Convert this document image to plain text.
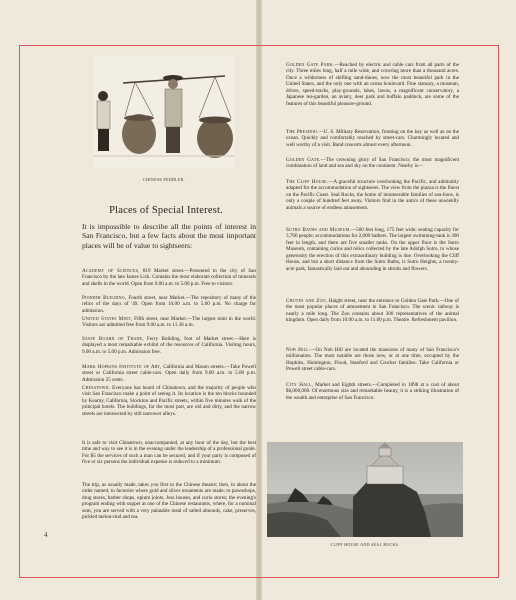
CHINESE PEDDLER.
Places of Special Interest.
It is impossible to describe all the points of interest in San Francisco, but a few facts about the most important places will be of value to sightseers:
Academy of Sciences, 819 Market street.—Presented to the city of San Francisco by the late James Lick. Contains the most elaborate collection of minerals and shells in the world. Open from 9.00 a.m. to 5.00 p.m. Free to visitors.
Pioneer Building, Fourth street, near Market.—The repository of many of the relics of the days of '49. Open from 10.00 a.m. to 5.00 p.m. No charge for admission.
United States Mint, Fifth street, near Market.—The largest mint in the world. Visitors are admitted free from 9.00 a.m. to 11.30 a.m.
State Board of Trade, Ferry Building, foot of Market street.—Here is displayed a most remarkable exhibit of the resources of California. Visiting hours, 9.00 a.m. to 5.00 p.m. Admission free.
Mark Hopkins Institute of Art, California and Mason streets.—Take Powell street or California street cable-cars. Open daily from 9.00 a.m. to 5.00 p.m. Admission 25 cents.
Chinatown. Everyone has heard of Chinatown, and the majority of people who visit San Francisco make a point of seeing it. Its location is the ten blocks bounded by Kearny, California, Stockton and Pacific streets, within five minutes walk of the principal hotels. The buildings, for the most part, are old and dirty, and the narrow streets are intersected by still narrower alleys.
It is safe to visit Chinatown, unaccompanied, at any hour of the day, but the best time and way to see it is in the evening under the leadership of a professional guide. For $5 the services of such a man can be secured, and if your party is composed of five or six persons the individual expense is reduced to a minimum.
The trip, as usually made, takes you first to the Chinese theatre; then, in about the order named, to factories where gold and silver ornaments are made; to pawnshops, drug stores, barber shops, opium joints, Joss houses, and curio stores; the evening's program ending with supper at one of the Chinese restaurants, where, for a nominal sum, you are served with a very palatable meal of salted almonds, cake, preserves, pickled melon-rind and tea.
4
Golden Gate Park.—Reached by electric and cable cars from all parts of the city. Three miles long, half a mile wide, and covering more than a thousand acres. Once a wilderness of shifting sand-dunes, now the most beautiful park in the United States, and the only one with an ocean boulevard. Fine statuary, a museum, drives, speed-tracks, play-grounds, lakes, lawns, a magnificent conservatory, a Japanese tea-garden, an aviary, deer park and buffalo paddock, are some of the features of this beautiful pleasure-ground.
The Presidio.—U. S. Military Reservation, fronting on the bay as well as on the ocean. Quickly and comfortably reached by street-cars. Charmingly located and well worthy of a visit. Band concerts almost every afternoon.
Golden Gate.—The crowning glory of San Francisco; the most magnificent combination of land and sea and sky on the continent. Nearby is—
The Cliff House.—A graceful structure overlooking the Pacific, and admirably adapted for the accommodation of sightseers. The view from the piazza is the finest on the Pacific Coast. Seal Rocks, the home of innumerable families of sea-lions, is only a couple of hundred feet away. Visitors find in the antics of these unwieldly animals a source of endless amusement.
Sutro Baths and Museum.—500 feet long, 175 feet wide; seating capacity for 3,700 people; accommodations for 2,000 bathers. The largest swimming-tank is 300 feet in length, and there are five smaller tanks. On the upper floor is the Sutro Museum, containing curios and relics collected by the late Adolph Sutro, to whose generosity the erection of this extraordinary building is due. Overlooking the Cliff House, and but a short distance from the Sutro Baths, is Sutro Heights, a twenty-acre park, fantastically laid out and abounding in shrubs and flowers.
Chutes and Zoo, Haight street, near the entrance to Golden Gate Park.—One of the most popular places of amusement in San Francisco. The scenic railway is nearly a mile long. The Zoo contains about 300 representatives of the animal kingdom. Open daily from 10.00 a.m. to 11.00 p.m. Theatre. Refreshment pavilion.
Nob Hill.—On Nob Hill are located the mansions of many of San Francisco's millionaires. The most notable are those now, or at one time, occupied by the Hopkins, Huntington, Flood, Stanford and Crocker families. Take California or Powell street cable-cars.
City Hall, Market and Eighth streets.—Completed in 1898 at a cost of about $6,000,000. Of enormous size and remarkable beauty, it is a striking illustration of the wealth and enterprise of San Francisco.
CLIFF HOUSE AND SEAL ROCKS.
